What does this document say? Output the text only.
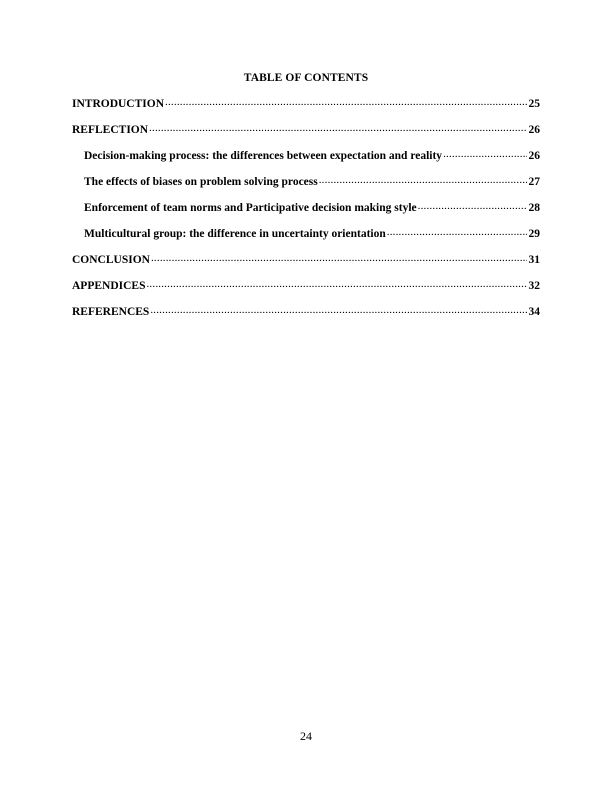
TABLE OF CONTENTS
INTRODUCTION .....	25
REFLECTION .....	26
Decision-making process: the differences between expectation and reality .....	26
The effects of biases on problem solving process .....	27
Enforcement of team norms and Participative decision making style .....	28
Multicultural group: the difference in uncertainty orientation .....	29
CONCLUSION .....	31
APPENDICES .....	32
REFERENCES .....	34
24
